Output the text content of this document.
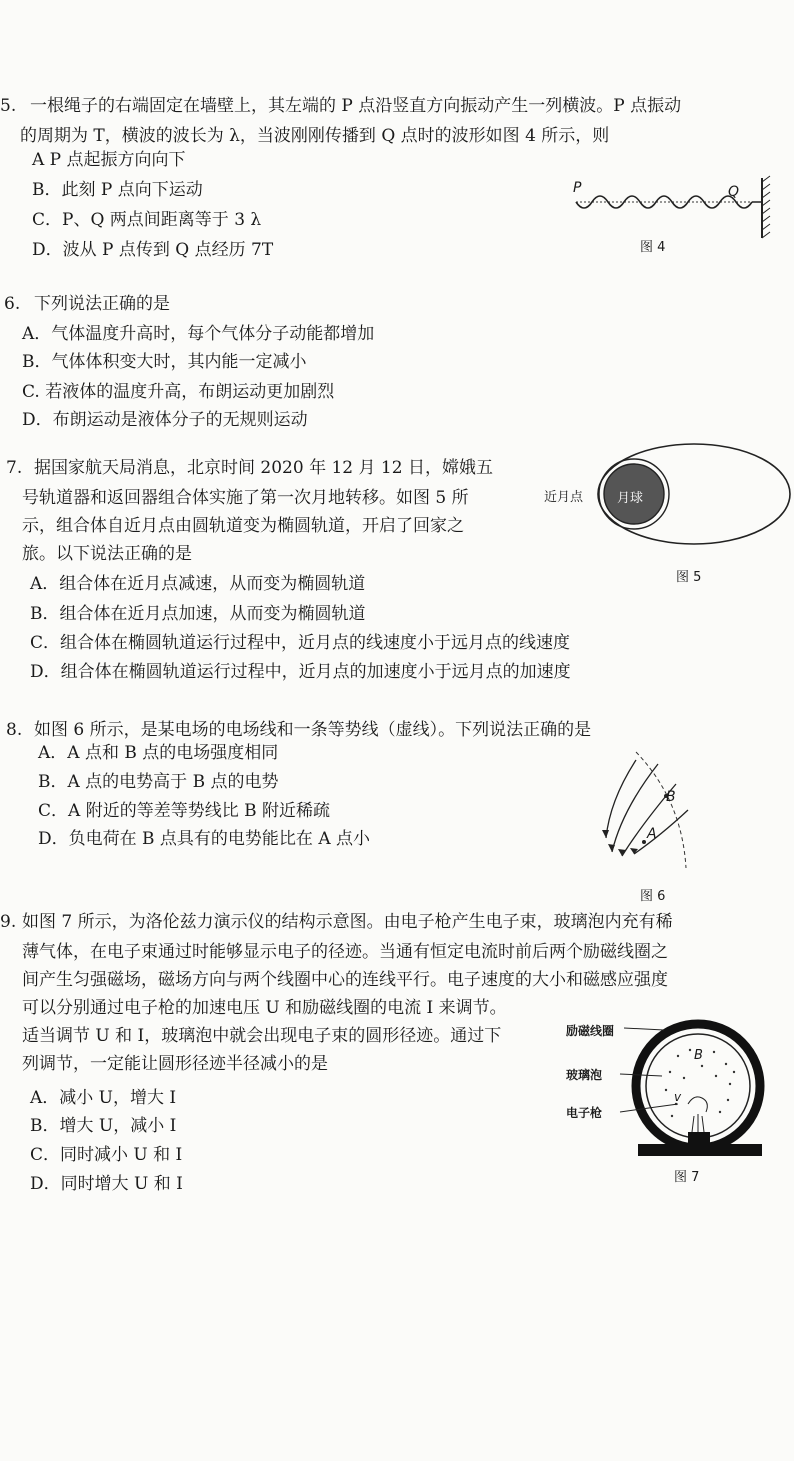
5. 一根绳子的右端固定在墙壁上，其左端的 P 点沿竖直方向振动产生一列横波。P 点振动
的周期为 T，横波的波长为 λ，当波刚刚传播到 Q 点时的波形如图 4 所示，则
A P 点起振方向向下
B．此刻 P 点向下运动
C．P、Q 两点间距离等于 3 λ
D．波从 P 点传到 Q 点经历 7T
P	Q
图 4
6. 下列说法正确的是
A．气体温度升高时，每个气体分子动能都增加
B．气体体积变大时，其内能一定减小
C. 若液体的温度升高，布朗运动更加剧烈
D．布朗运动是液体分子的无规则运动
7. 据国家航天局消息，北京时间 2020 年 12 月 12 日，嫦娥五
号轨道器和返回器组合体实施了第一次月地转移。如图 5 所
示，组合体自近月点由圆轨道变为椭圆轨道，开启了回家之
旅。以下说法正确的是
A．组合体在近月点减速，从而变为椭圆轨道
B．组合体在近月点加速，从而变为椭圆轨道
C．组合体在椭圆轨道运行过程中，近月点的线速度小于远月点的线速度
D．组合体在椭圆轨道运行过程中，近月点的加速度小于远月点的加速度
月球
近月点
图 5
8. 如图 6 所示，是某电场的电场线和一条等势线（虚线）。下列说法正确的是
A．A 点和 B 点的电场强度相同
B．A 点的电势高于 B 点的电势
C．A 附近的等差等势线比 B 附近稀疏
D．负电荷在 B 点具有的电势能比在 A 点小
B
A
图 6
9. 如图 7 所示，为洛伦兹力演示仪的结构示意图。由电子枪产生电子束，玻璃泡内充有稀
薄气体，在电子束通过时能够显示电子的径迹。当通有恒定电流时前后两个励磁线圈之
间产生匀强磁场，磁场方向与两个线圈中心的连线平行。电子速度的大小和磁感应强度
可以分别通过电子枪的加速电压 U 和励磁线圈的电流 I 来调节。
适当调节 U 和 I，玻璃泡中就会出现电子束的圆形径迹。通过下
列调节，一定能让圆形径迹半径减小的是
A．减小 U，增大 I
B．增大 U，减小 I
C．同时减小 U 和 I
D．同时增大 U 和 I
B
v
励磁线圈
玻璃泡
电子枪
图 7
